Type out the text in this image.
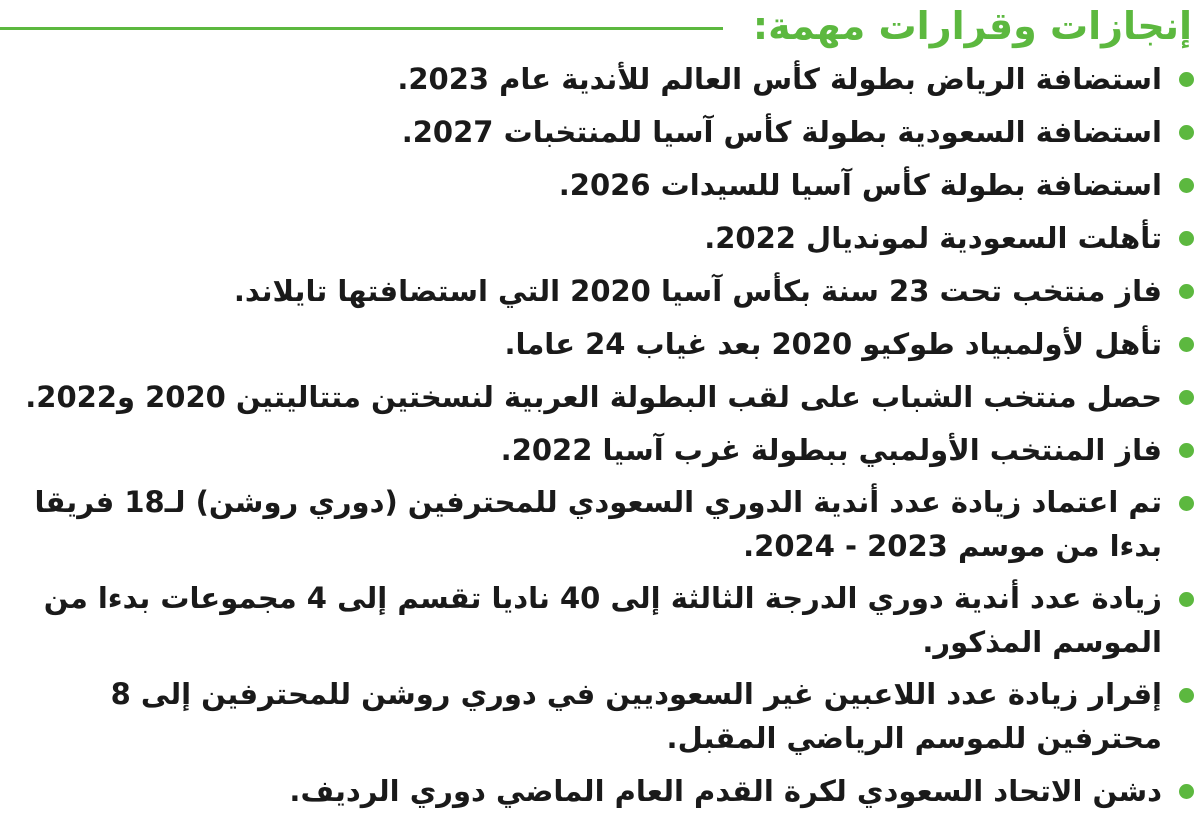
إنجازات وقرارات مهمة:
استضافة الرياض بطولة كأس العالم للأندية عام 2023.
استضافة السعودية بطولة كأس آسيا للمنتخبات 2027.
استضافة بطولة كأس آسيا للسيدات 2026.
تأهلت السعودية لمونديال 2022.
فاز منتخب تحت 23 سنة بكأس آسيا 2020 التي استضافتها تايلاند.
تأهل لأولمبياد طوكيو 2020 بعد غياب 24 عاما.
حصل منتخب الشباب على لقب البطولة العربية لنسختين متتاليتين 2020 و2022.
فاز المنتخب الأولمبي ببطولة غرب آسيا 2022.
تم اعتماد زيادة عدد أندية الدوري السعودي للمحترفين (دوري روشن) لـ18 فريقا بدءا من موسم 2023 - 2024.
زيادة عدد أندية دوري الدرجة الثالثة إلى 40 ناديا تقسم إلى 4 مجموعات بدءا من الموسم المذكور.
إقرار زيادة عدد اللاعبين غير السعوديين في دوري روشن للمحترفين إلى 8 محترفين للموسم الرياضي المقبل.
دشن الاتحاد السعودي لكرة القدم العام الماضي دوري الرديف.
